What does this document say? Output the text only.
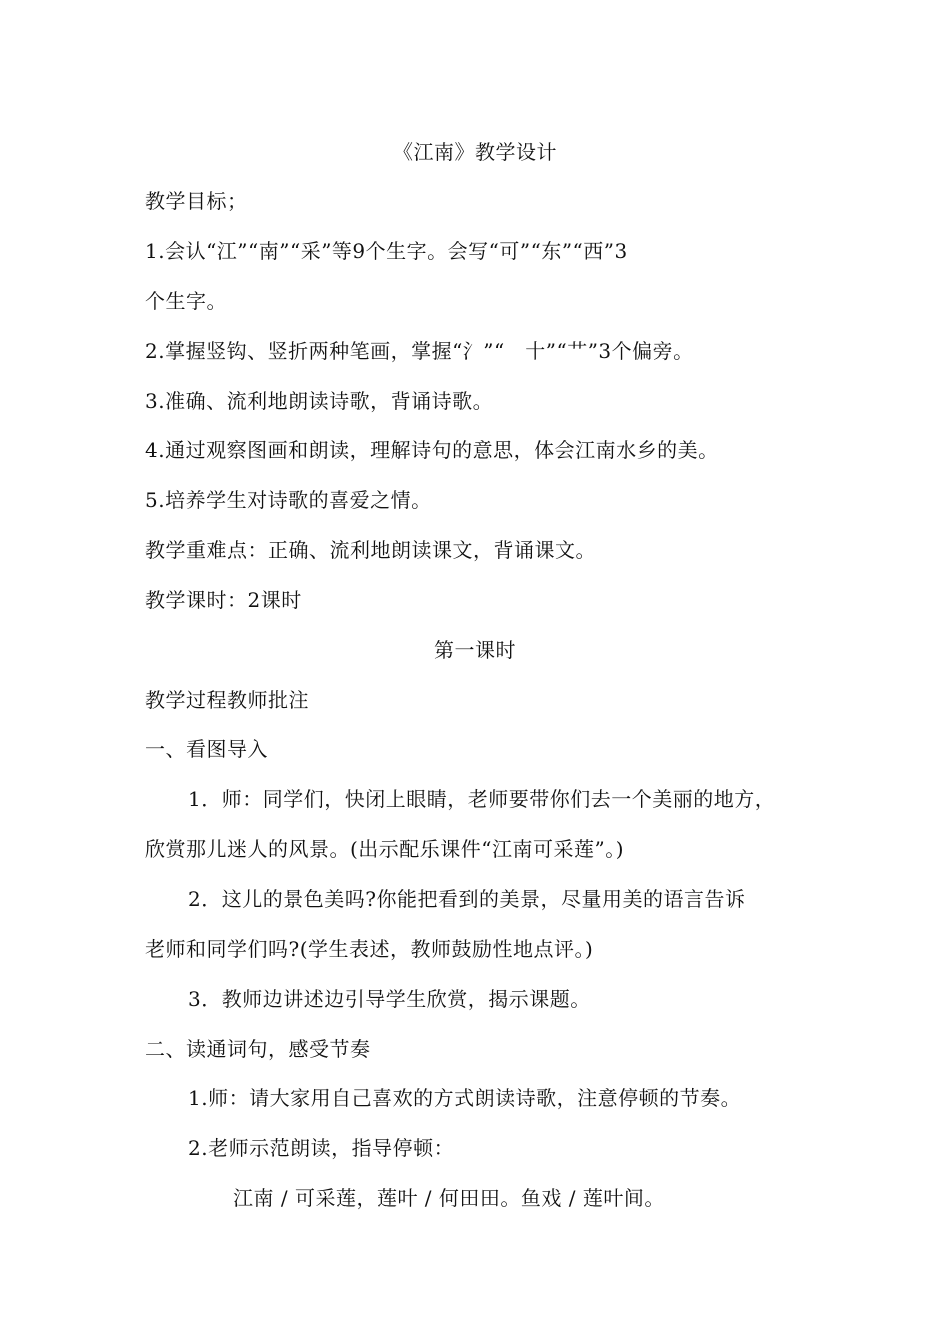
《江南》教学设计
教学目标；
1.会认“江”“南”“采”等9个生字。会写“可”“东”“西”3
个生字。
2.掌握竖钩、竖折两种笔画，掌握“氵”“　十”“艹”3个偏旁。
3.准确、流利地朗读诗歌，背诵诗歌。
4.通过观察图画和朗读，理解诗句的意思，体会江南水乡的美。
5.培养学生对诗歌的喜爱之情。
教学重难点：正确、流利地朗读课文，背诵课文。
教学课时：2课时
第一课时
教学过程教师批注
一、看图导入
1．师：同学们，快闭上眼睛，老师要带你们去一个美丽的地方，
欣赏那儿迷人的风景。(出示配乐课件“江南可采莲”。)
2．这儿的景色美吗?你能把看到的美景，尽量用美的语言告诉
老师和同学们吗?(学生表述，教师鼓励性地点评。)
3．教师边讲述边引导学生欣赏，揭示课题。
二、读通词句，感受节奏
1.师：请大家用自己喜欢的方式朗读诗歌，注意停顿的节奏。
2.老师示范朗读，指导停顿：
江南 / 可采莲，莲叶 / 何田田。鱼戏 / 莲叶间。
